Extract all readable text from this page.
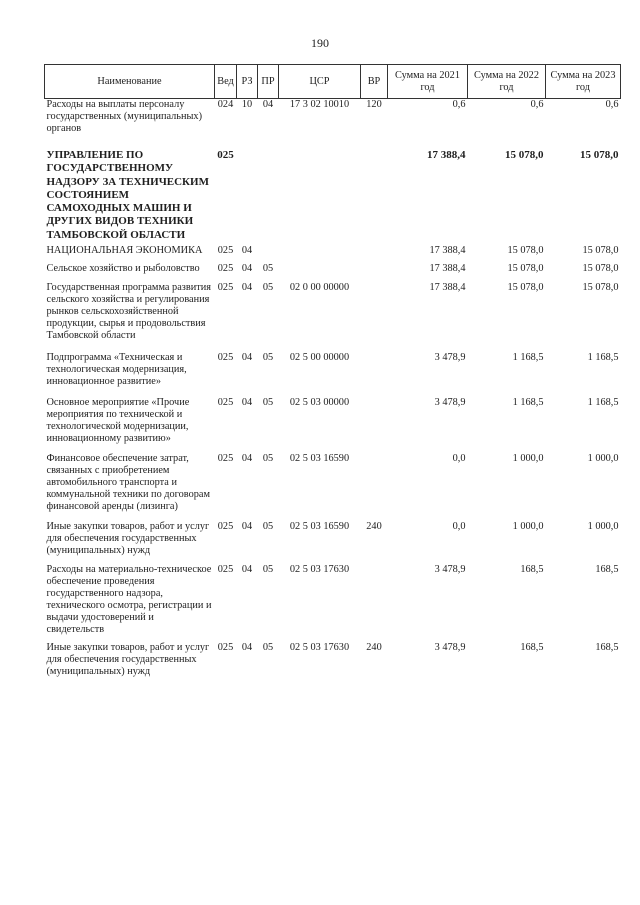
190
Наименование	Вед	РЗ	ПР	ЦСР	ВР	Сумма на 2021 год	Сумма на 2022 год	Сумма на 2023 год
Расходы на выплаты персоналу государственных (муниципальных) органов	024	10	04	17 3 02 10010	120	0,6	0,6	0,6
УПРАВЛЕНИЕ ПО ГОСУДАРСТВЕННОМУ НАДЗОРУ ЗА ТЕХНИЧЕСКИМ СОСТОЯНИЕМ САМОХОДНЫХ МАШИН И ДРУГИХ ВИДОВ ТЕХНИКИ ТАМБОВСКОЙ ОБЛАСТИ	025					17 388,4	15 078,0	15 078,0
НАЦИОНАЛЬНАЯ ЭКОНОМИКА	025	04				17 388,4	15 078,0	15 078,0
Сельское хозяйство и рыболовство	025	04	05			17 388,4	15 078,0	15 078,0
Государственная программа развития сельского хозяйства и регулирования рынков сельскохозяйственной продукции, сырья и продовольствия Тамбовской области	025	04	05	02 0 00 00000		17 388,4	15 078,0	15 078,0
Подпрограмма «Техническая и технологическая модернизация, инновационное развитие»	025	04	05	02 5 00 00000		3 478,9	1 168,5	1 168,5
Основное мероприятие «Прочие мероприятия по технической и технологической модернизации, инновационному развитию»	025	04	05	02 5 03 00000		3 478,9	1 168,5	1 168,5
Финансовое обеспечение затрат, связанных с приобретением автомобильного транспорта и коммунальной техники по договорам финансовой аренды (лизинга)	025	04	05	02 5 03 16590		0,0	1 000,0	1 000,0
Иные закупки товаров, работ и услуг для обеспечения государственных (муниципальных) нужд	025	04	05	02 5 03 16590	240	0,0	1 000,0	1 000,0
Расходы на материально-техническое обеспечение проведения государственного надзора, технического осмотра, регистрации и выдачи удостоверений и свидетельств	025	04	05	02 5 03 17630		3 478,9	168,5	168,5
Иные закупки товаров, работ и услуг для обеспечения государственных (муниципальных) нужд	025	04	05	02 5 03 17630	240	3 478,9	168,5	168,5
